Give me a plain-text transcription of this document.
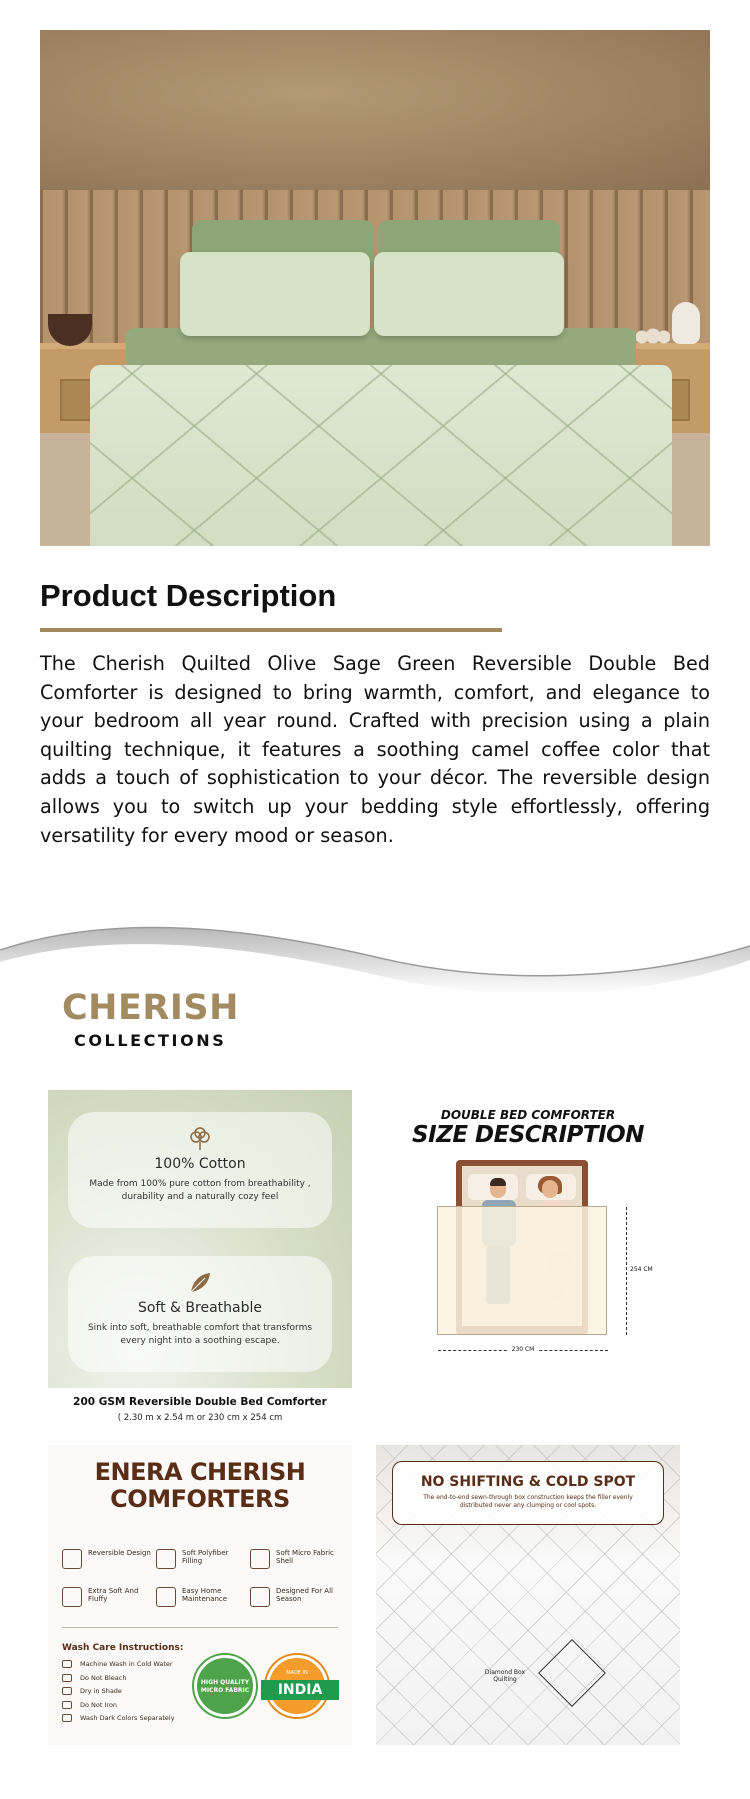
Product Description

The Cherish Quilted Olive Sage Green Reversible Double Bed Comforter is designed to bring warmth, comfort, and elegance to your bedroom all year round. Crafted with precision using a plain quilting technique, it features a soothing camel coffee color that adds a touch of sophistication to your décor. The reversible design allows you to switch up your bedding style effortlessly, offering versatility for every mood or season.

CHERISH
COLLECTIONS
100% Cotton
Made from 100% pure cotton from breathability , durability and a naturally cozy feel
Soft & Breathable
Sink into soft, breathable comfort that transforms every night into a soothing escape.
200 GSM Reversible Double Bed Comforter
( 2.30 m x 2.54 m or 230 cm x 254 cm
DOUBLE BED COMFORTER
SIZE DESCRIPTION
254 CM
230 CM
ENERA CHERISH
COMFORTERS
Reversible Design	Soft Polyfiber Filling
Soft Micro Fabric Shell
Extra Soft And Fluffy
Easy Home Maintenance
Designed For All Season
Wash Care Instructions:
Machine Wash in Cold Water
Do Not Bleach
Dry in Shade
Do Not Iron
Wash Dark Colors Separately
HIGH QUALITY MICRO FABRIC
MADE IN
INDIA
NO SHIFTING & COLD SPOT
The end-to-end sewn-through box construction keeps the filler evenly distributed never any clumping or cool spots.
Diamond Box Quilting
